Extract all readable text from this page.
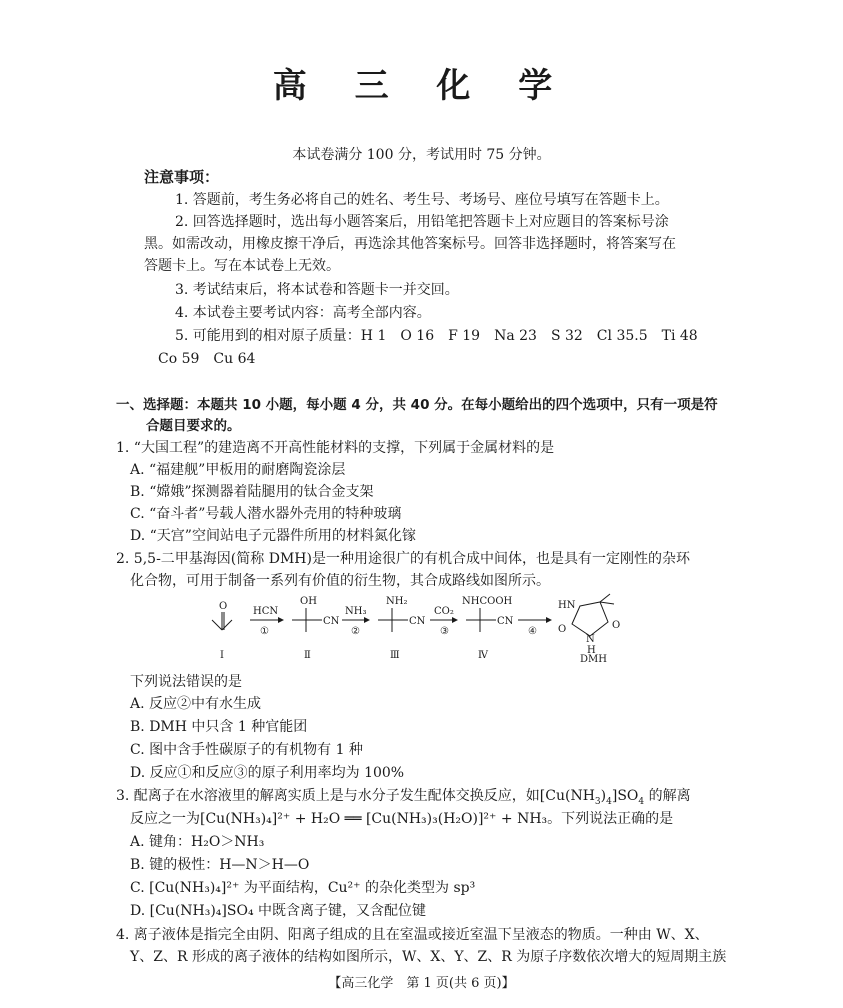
高 三 化 学
本试卷满分 100 分，考试用时 75 分钟。
注意事项：
1. 答题前，考生务必将自己的姓名、考生号、考场号、座位号填写在答题卡上。
2. 回答选择题时，选出每小题答案后，用铅笔把答题卡上对应题目的答案标号涂
黑。如需改动，用橡皮擦干净后，再选涂其他答案标号。回答非选择题时，将答案写在
答题卡上。写在本试卷上无效。
3. 考试结束后，将本试卷和答题卡一并交回。
4. 本试卷主要考试内容：高考全部内容。
5. 可能用到的相对原子质量：H 1　O 16　F 19　Na 23　S 32　Cl 35.5　Ti 48
Co 59　Cu 64
一、选择题：本题共 10 小题，每小题 4 分，共 40 分。在每小题给出的四个选项中，只有一项是符
合题目要求的。
1. “大国工程”的建造离不开高性能材料的支撑，下列属于金属材料的是
A. “福建舰”甲板用的耐磨陶瓷涂层
B. “嫦娥”探测器着陆腿用的钛合金支架
C. “奋斗者”号载人潜水器外壳用的特种玻璃
D. “天宫”空间站电子元器件所用的材料氮化镓
2. 5,5-二甲基海因(简称 DMH)是一种用途很广的有机合成中间体，也是具有一定刚性的杂环
化合物，可用于制备一系列有价值的衍生物，其合成路线如图所示。
O	HCN
①
OH
CN
NH₃
②
NH₂
CN
CO₂
③
NHCOOH
CN
④
HN
N
H
O	O
Ⅰ	Ⅱ	Ⅲ	Ⅳ	DMH
下列说法错误的是
A. 反应②中有水生成
B. DMH 中只含 1 种官能团
C. 图中含手性碳原子的有机物有 1 种
D. 反应①和反应③的原子利用率均为 100%
3. 配离子在水溶液里的解离实质上是与水分子发生配体交换反应，如$[Cu(NH_3)_4]SO_4$ 的解离
反应之一为[Cu(NH₃)₄]²⁺ + H₂O ══ [Cu(NH₃)₃(H₂O)]²⁺ + NH₃。下列说法正确的是
A. 键角：H₂O＞NH₃
B. 键的极性：H—N＞H—O
C. [Cu(NH₃)₄]²⁺ 为平面结构，Cu²⁺ 的杂化类型为 sp³
D. [Cu(NH₃)₄]SO₄ 中既含离子键，又含配位键
4. 离子液体是指完全由阴、阳离子组成的且在室温或接近室温下呈液态的物质。一种由 W、X、
Y、Z、R 形成的离子液体的结构如图所示，W、X、Y、Z、R 为原子序数依次增大的短周期主族
【高三化学　第 1 页(共 6 页)】
